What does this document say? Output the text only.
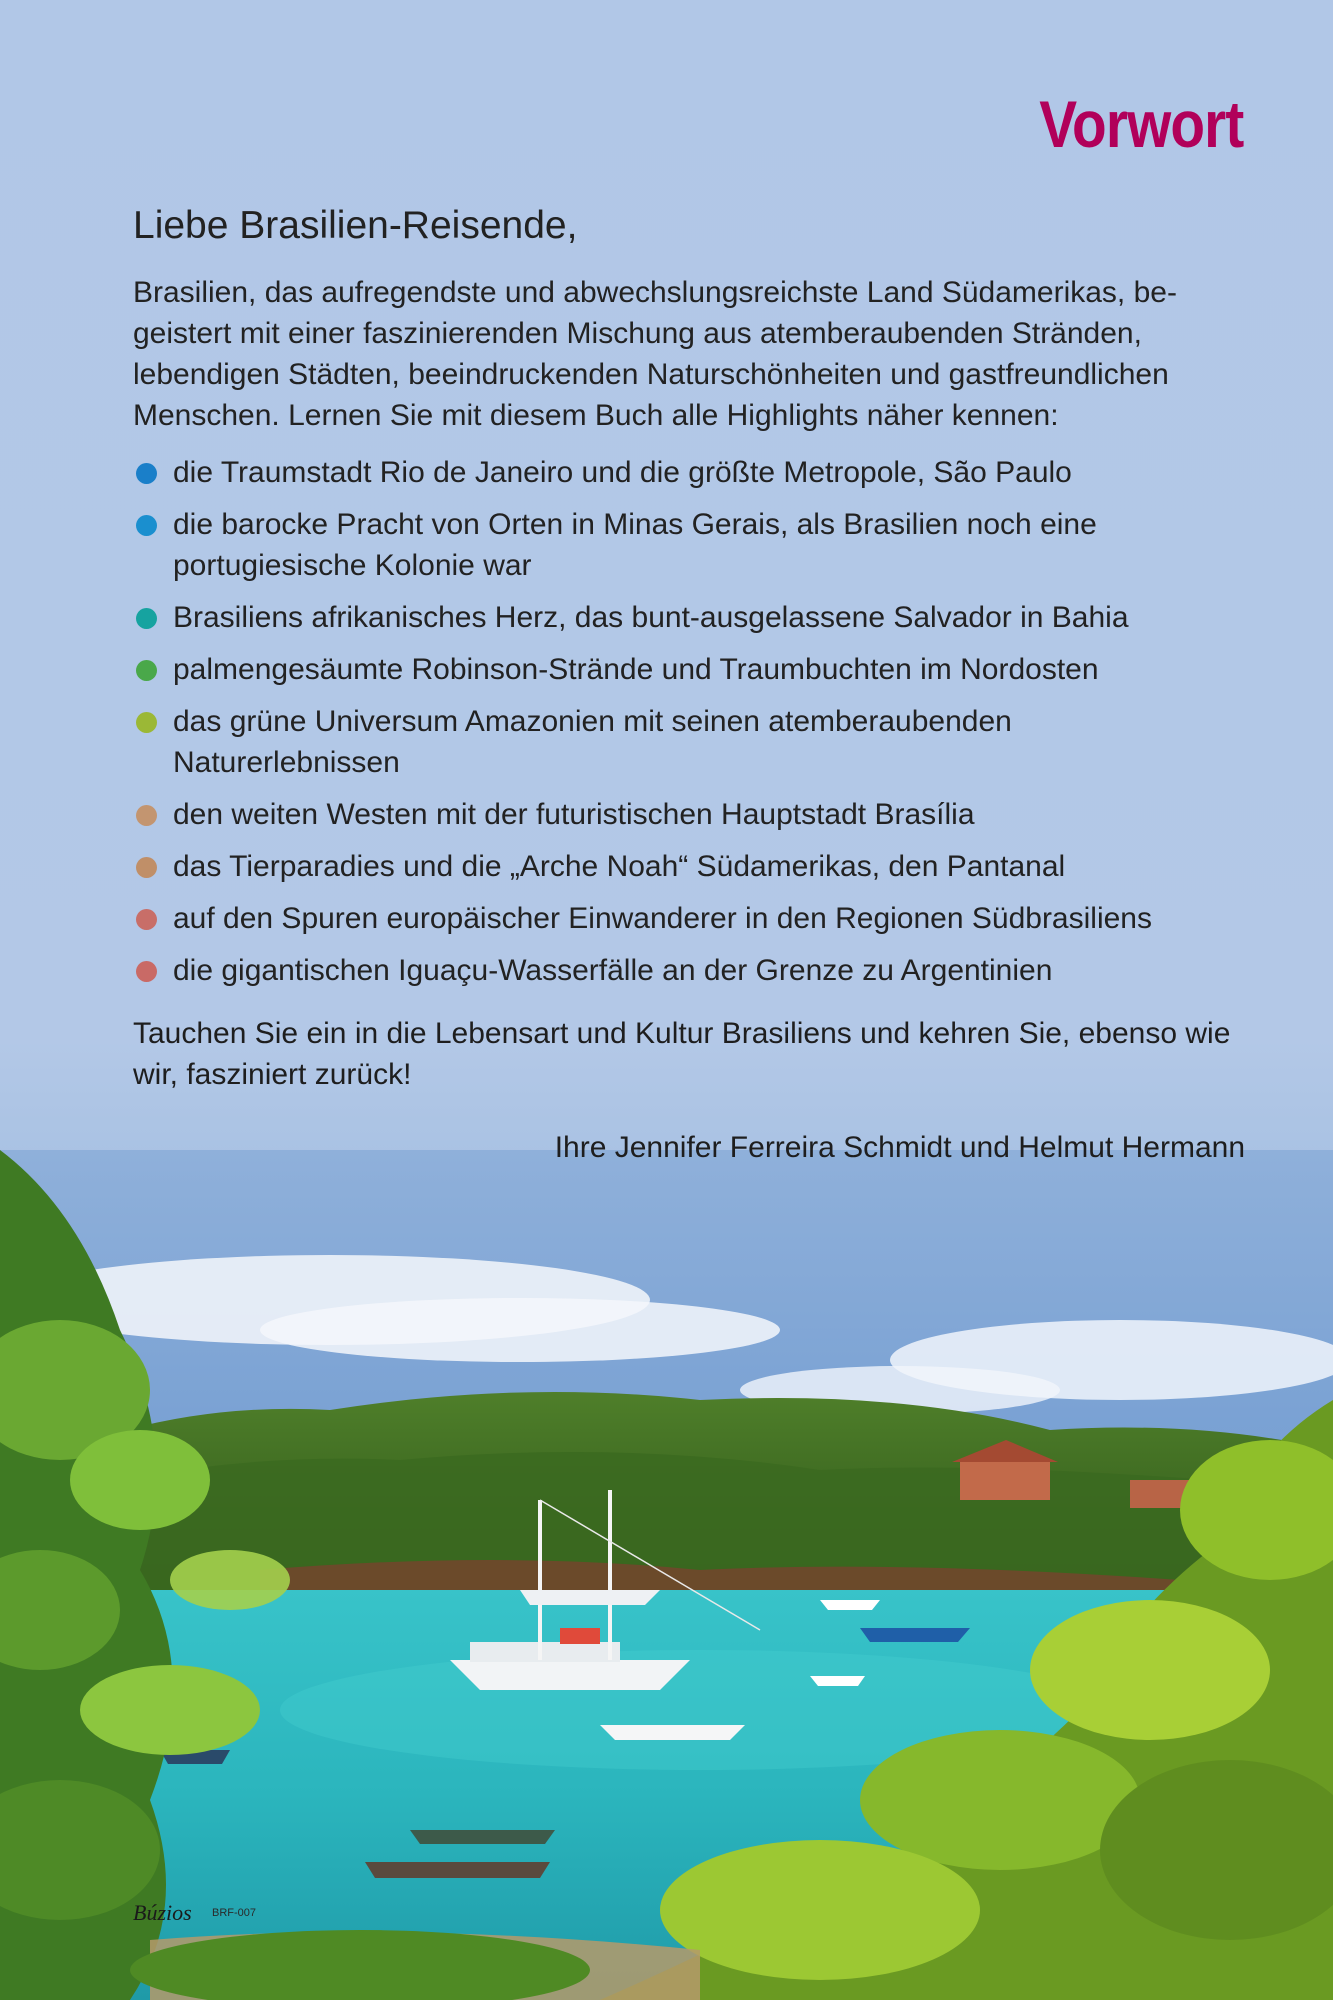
Vorwort

Liebe Brasilien-Reisende,

Brasilien, das aufregendste und abwechslungsreichste Land Südamerikas, begeistert mit einer faszinierenden Mischung aus atemberaubenden Stränden, lebendigen Städten, beeindruckenden Naturschönheiten und gastfreundlichen Menschen. Lernen Sie mit diesem Buch alle Highlights näher kennen:

die Traumstadt Rio de Janeiro und die größte Metropole, São Paulo
die barocke Pracht von Orten in Minas Gerais, als Brasilien noch eine portugiesische Kolonie war
Brasiliens afrikanisches Herz, das bunt-ausgelassene Salvador in Bahia
palmengesäumte Robinson-Strände und Traumbuchten im Nordosten
das grüne Universum Amazonien mit seinen atemberaubenden Naturerlebnissen
den weiten Westen mit der futuristischen Hauptstadt Brasília
das Tierparadies und die „Arche Noah“ Südamerikas, den Pantanal
auf den Spuren europäischer Einwanderer in den Regionen Südbrasiliens
die gigantischen Iguaçu-Wasserfälle an der Grenze zu Argentinien

Tauchen Sie ein in die Lebensart und Kultur Brasiliens und kehren Sie, ebenso wie wir, fasziniert zurück!

Ihre Jennifer Ferreira Schmidt und Helmut Hermann

Búzios BRF-007
